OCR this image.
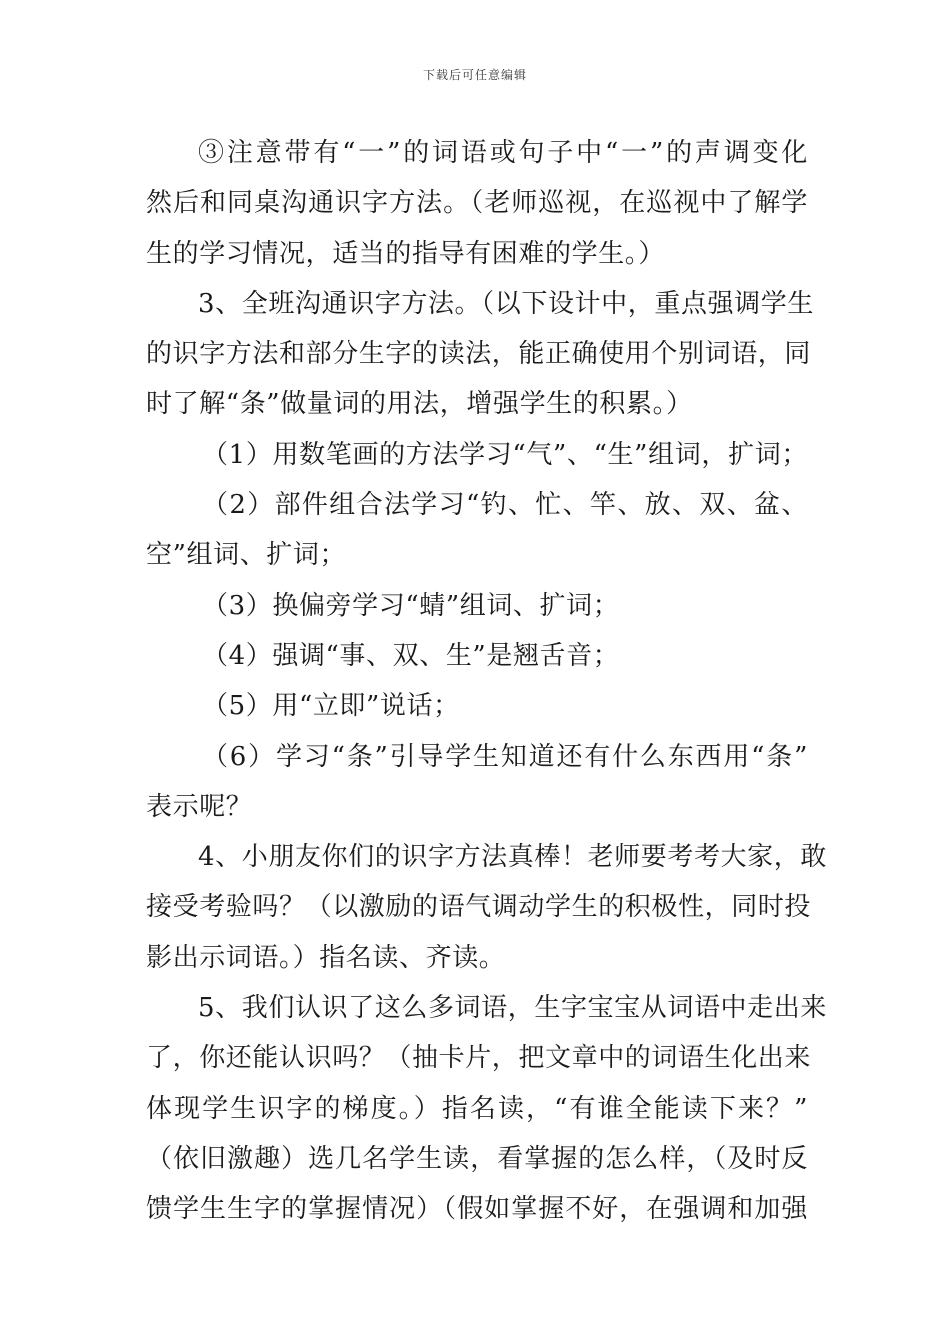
下载后可任意编辑
③注意带有“一”的词语或句子中“一”的声调变化
然后和同桌沟通识字方法。（老师巡视，在巡视中了解学
生的学习情况，适当的指导有困难的学生。）
3、全班沟通识字方法。（以下设计中，重点强调学生
的识字方法和部分生字的读法，能正确使用个别词语，同
时了解“条”做量词的用法，增强学生的积累。）
（1）用数笔画的方法学习“气”、“生”组词，扩词；
（2）部件组合法学习“钓、忙、竿、放、双、盆、
空”组词、扩词；
（3）换偏旁学习“蜻”组词、扩词；
（4）强调“事、双、生”是翘舌音；
（5）用“立即”说话；
（6）学习“条”引导学生知道还有什么东西用“条”
表示呢？
4、小朋友你们的识字方法真棒！老师要考考大家，敢
接受考验吗？（以激励的语气调动学生的积极性，同时投
影出示词语。）指名读、齐读。
5、我们认识了这么多词语，生字宝宝从词语中走出来
了，你还能认识吗？（抽卡片，把文章中的词语生化出来
体现学生识字的梯度。）指名读，“有谁全能读下来？”
（依旧激趣）选几名学生读，看掌握的怎么样，（及时反
馈学生生字的掌握情况）（假如掌握不好，在强调和加强
